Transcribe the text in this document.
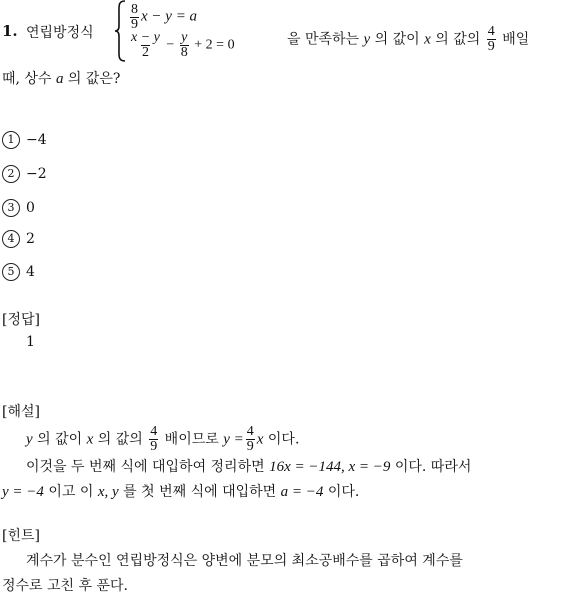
1. 연립방정식
$\frac{8}{9}$ x − y = a
$\frac{x - y}{2} - \frac{y}{8} + 2 = 0$	을 만족하는 y 의 값이 x 의 값의 $\frac{4}{9}$ 배일
때, 상수 a 의 값은?
1 −4
2 −2
3 0
4 2
5 4
[정답]
1
[해설]
y 의 값이 x 의 값의 $\frac{4}{9}$ 배이므로 $y = \frac{4}{9}$ x 이다.
이것을 두 번째 식에 대입하여 정리하면 16x = −144, x = −9 이다. 따라서
y = −4 이고 이 x, y 를 첫 번째 식에 대입하면 a = −4 이다.
[힌트]
계수가 분수인 연립방정식은 양변에 분모의 최소공배수를 곱하여 계수를
정수로 고친 후 푼다.
